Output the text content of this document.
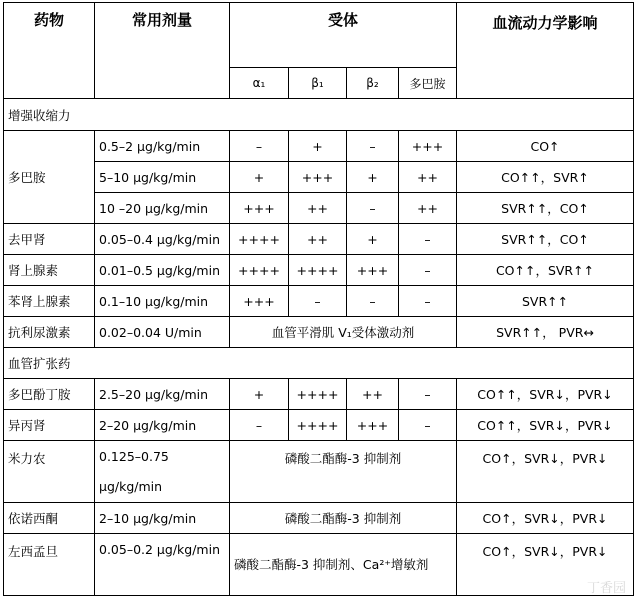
药物	常用剂量	受体				血流动力学影响
		α₁	β₁	β₂	多巴胺	
增强收缩力						
多巴胺	0.5–2 μg/kg/min	–	+	–	+++	CO↑
	5–10 μg/kg/min	+	+++	+	++	CO↑↑，SVR↑
	10 –20 μg/kg/min	+++	++	–	++	SVR↑↑，CO↑
去甲肾	0.05–0.4 μg/kg/min	++++	++	+	–	SVR↑↑，CO↑
肾上腺素	0.01–0.5 μg/kg/min	++++	++++	+++	–	CO↑↑，SVR↑↑
苯肾上腺素	0.1–10 μg/kg/min	+++	–	–	–	SVR↑↑
抗利尿激素	0.02–0.04 U/min	血管平滑肌 V₁受体激动剂				SVR↑↑， PVR↔
血管扩张药						
多巴酚丁胺	2.5–20 μg/kg/min	+	++++	++	–	CO↑↑，SVR↓，PVR↓
异丙肾	2–20 μg/kg/min	–	++++	+++	–	CO↑↑，SVR↓，PVR↓
米力农	0.125–0.75 μg/kg/min	磷酸二酯酶-3 抑制剂				CO↑，SVR↓，PVR↓
依诺西酮	2–10 μg/kg/min	磷酸二酯酶-3 抑制剂				CO↑，SVR↓，PVR↓
左西孟旦	0.05–0.2 μg/kg/min	磷酸二酯酶-3 抑制剂、Ca²⁺增敏剂				CO↑，SVR↓，PVR↓
丁香园
